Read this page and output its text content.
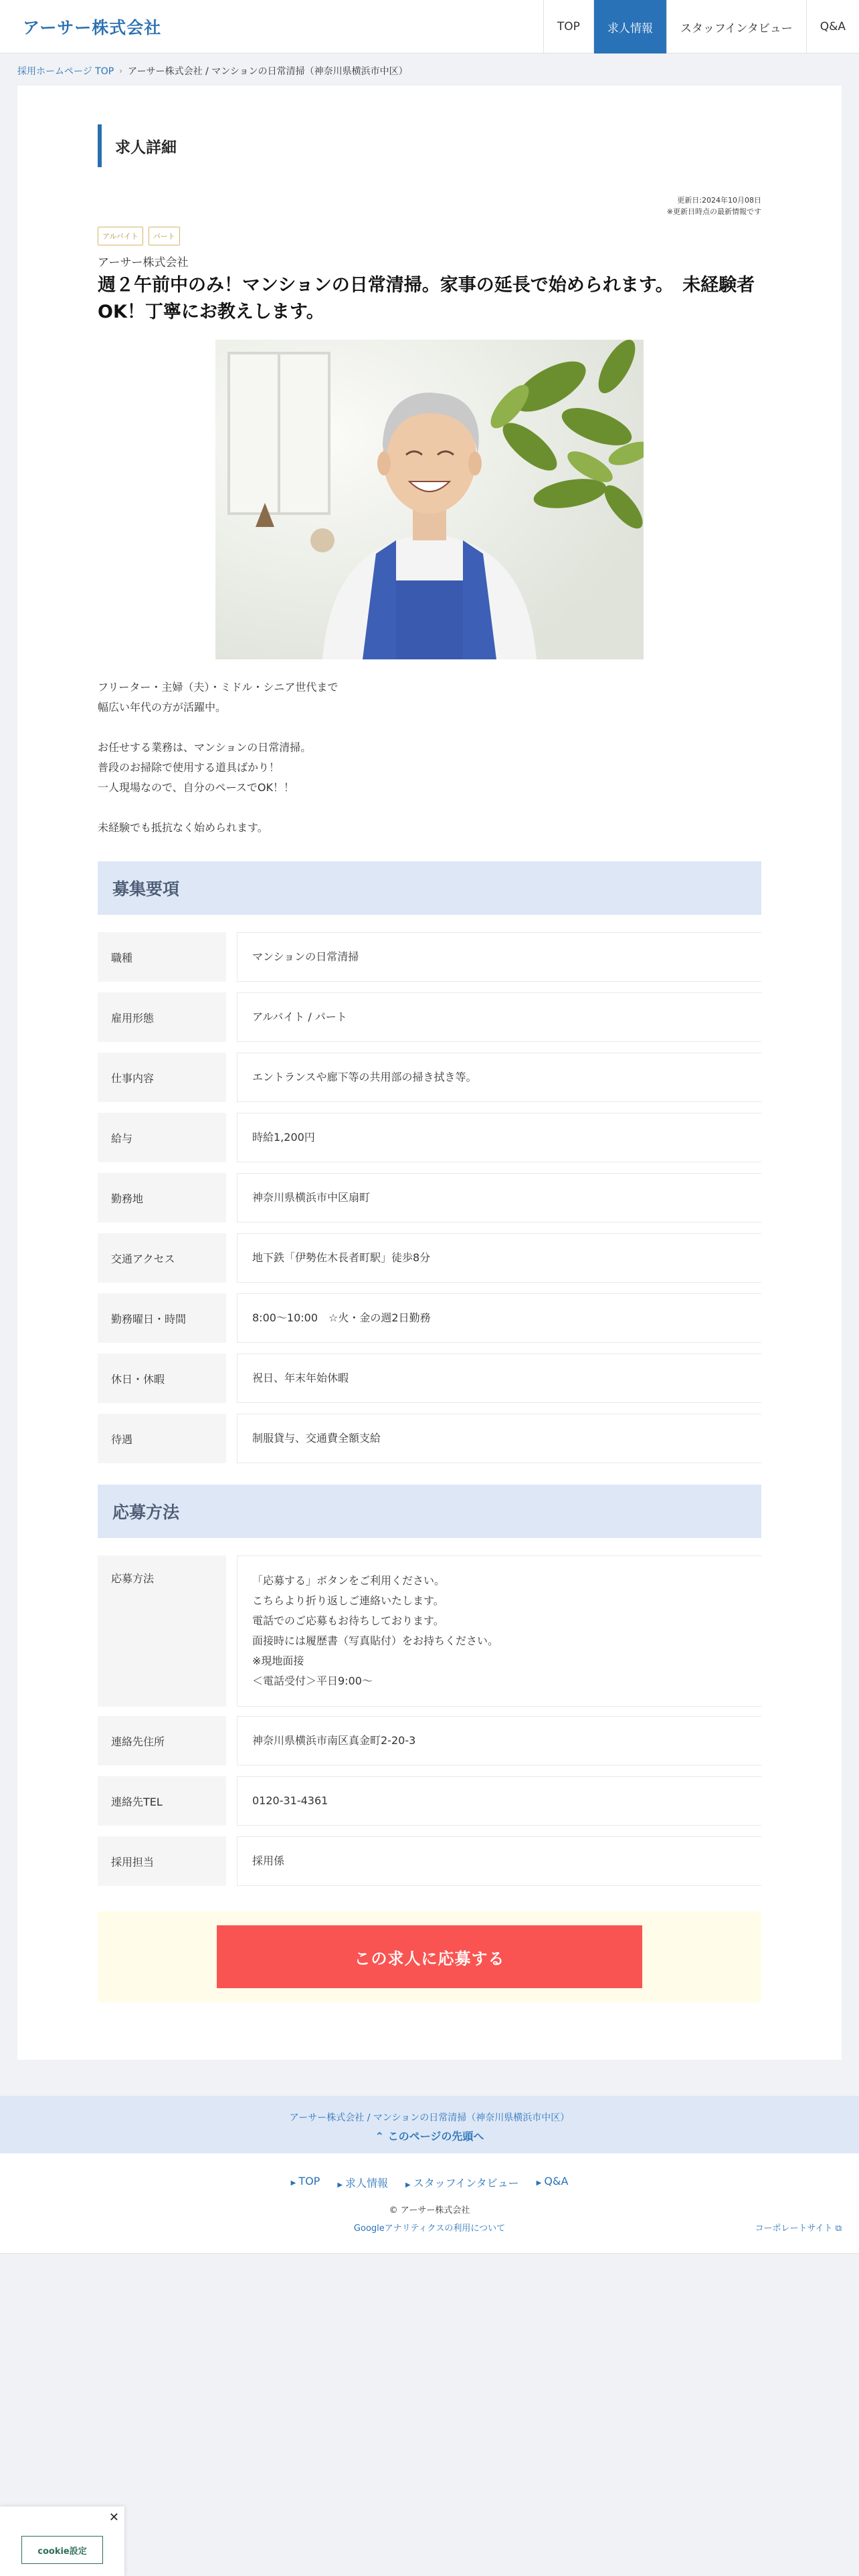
アーサー株式会社	TOP	求人情報	スタッフインタビュー	Q&A
採用ホームページ TOP › アーサー株式会社 / マンションの日常清掃（神奈川県横浜市中区）
求人詳細
更新日:2024年10月08日
※更新日時点の最新情報です
アルバイト	パート
アーサー株式会社
週２午前中のみ！マンションの日常清掃。家事の延長で始められます。　未経験者OK！丁寧にお教えします。

フリーター・主婦（夫）・ミドル・シニア世代まで

幅広い年代の方が活躍中。

お任せする業務は、マンションの日常清掃。

普段のお掃除で使用する道具ばかり！

一人現場なので、自分のペースでOK！！

未経験でも抵抗なく始められます。

募集要項
職種	マンションの日常清掃
雇用形態	アルバイト / パート
仕事内容	エントランスや廊下等の共用部の掃き拭き等。
給与	時給1,200円
勤務地	神奈川県横浜市中区扇町
交通アクセス	地下鉄「伊勢佐木長者町駅」徒歩8分
勤務曜日・時間	8:00〜10:00　☆火・金の週2日勤務
休日・休暇	祝日、年末年始休暇
待遇	制服貸与、交通費全額支給
応募方法
応募方法	「応募する」ボタンをご利用ください。
こちらより折り返しご連絡いたします。
電話でのご応募もお待ちしております。
面接時には履歴書（写真貼付）をお持ちください。
※現地面接
＜電話受付＞平日9:00〜
連絡先住所	神奈川県横浜市南区真金町2-20-3
連絡先TEL	0120-31-4361
採用担当	採用係
この求人に応募する
アーサー株式会社 / マンションの日常清掃（神奈川県横浜市中区）
⌃ このページの先頭へ
▶ TOP	▶ 求人情報	▶ スタッフインタビュー	▶ Q&A
© アーサー株式会社
Googleアナリティクスの利用について	コーポレートサイト ⧉
✕
cookie設定
